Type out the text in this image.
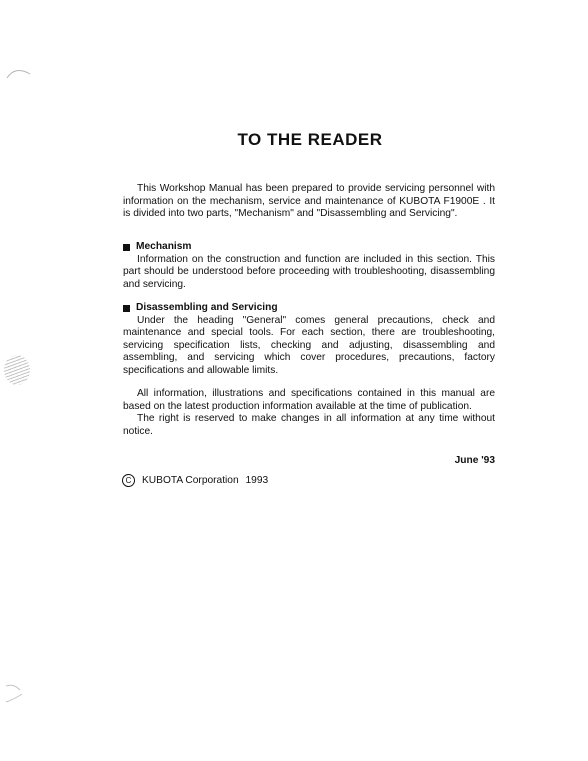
TO THE READER

This Workshop Manual has been prepared to provide servicing personnel with information on the mechanism, service and maintenance of KUBOTA F1900E . It is divided into two parts, "Mechanism" and "Disassembling and Servicing".

Mechanism

Information on the construction and function are included in this section. This part should be understood before proceeding with troubleshooting, disassembling and servicing.

Disassembling and Servicing

Under the heading "General" comes general precautions, check and maintenance and special tools. For each section, there are troubleshooting, servicing specification lists, checking and adjusting, disassembling and assembling, and servicing which cover procedures, precautions, factory specifications and allowable limits.

All information, illustrations and specifications contained in this manual are based on the latest production information available at the time of publication.

The right is reserved to make changes in all information at any time without notice.

June '93
C	KUBOTA Corporation 1993
